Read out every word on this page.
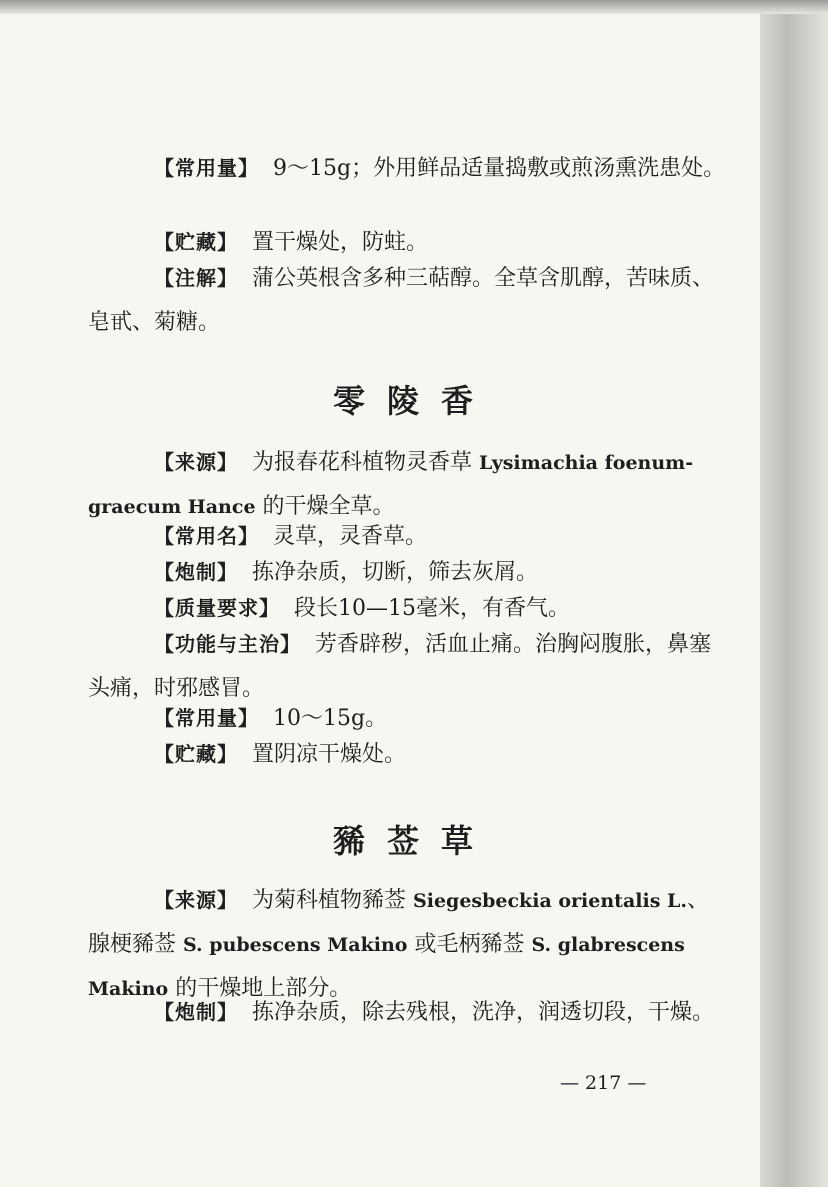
【常用量】 9～15g；外用鲜品适量捣敷或煎汤熏洗患处。

【贮藏】 置干燥处，防蛀。

【注解】 蒲公英根含多种三萜醇。全草含肌醇，苦味质、皂甙、菊糖。

零陵香

【来源】 为报春花科植物灵香草 Lysimachia foenum-graecum Hance 的干燥全草。

【常用名】 灵草，灵香草。

【炮制】 拣净杂质，切断，筛去灰屑。

【质量要求】 段长10—15毫米，有香气。

【功能与主治】 芳香辟秽，活血止痛。治胸闷腹胀，鼻塞头痛，时邪感冒。

【常用量】 10～15g。

【贮藏】 置阴凉干燥处。

豨莶草

【来源】 为菊科植物豨莶 Siegesbeckia orientalis L.、腺梗豨莶 S. pubescens Makino 或毛柄豨莶 S. glabrescens Makino 的干燥地上部分。

【炮制】 拣净杂质，除去残根，洗净，润透切段，干燥。

— 217 —
